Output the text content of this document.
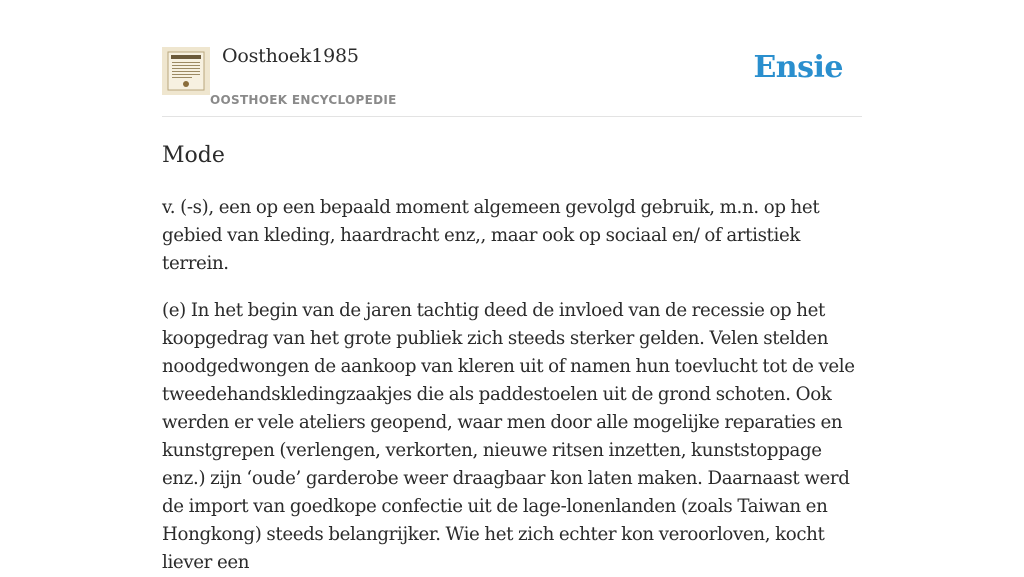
Oosthoek1985
OOSTHOEK ENCYCLOPEDIE
Ensie
Mode

v. (-s), een op een bepaald moment algemeen gevolgd gebruik, m.n. op het gebied van kleding, haardracht enz,, maar ook op sociaal en/ of artistiek terrein.

(e) In het begin van de jaren tachtig deed de invloed van de recessie op het koopgedrag van het grote publiek zich steeds sterker gelden. Velen stelden noodgedwongen de aankoop van kleren uit of namen hun toevlucht tot de vele tweedehandskledingzaakjes die als paddestoelen uit de grond schoten. Ook werden er vele ateliers geopend, waar men door alle mogelijke reparaties en kunstgrepen (verlengen, verkorten, nieuwe ritsen inzetten, kunststoppage enz.) zijn ‘oude’ garderobe weer draagbaar kon laten maken. Daarnaast werd de import van goedkope confectie uit de lage-lonenlanden (zoals Taiwan en Hongkong) steeds belangrijker. Wie het zich echter kon veroorloven, kocht liever een
